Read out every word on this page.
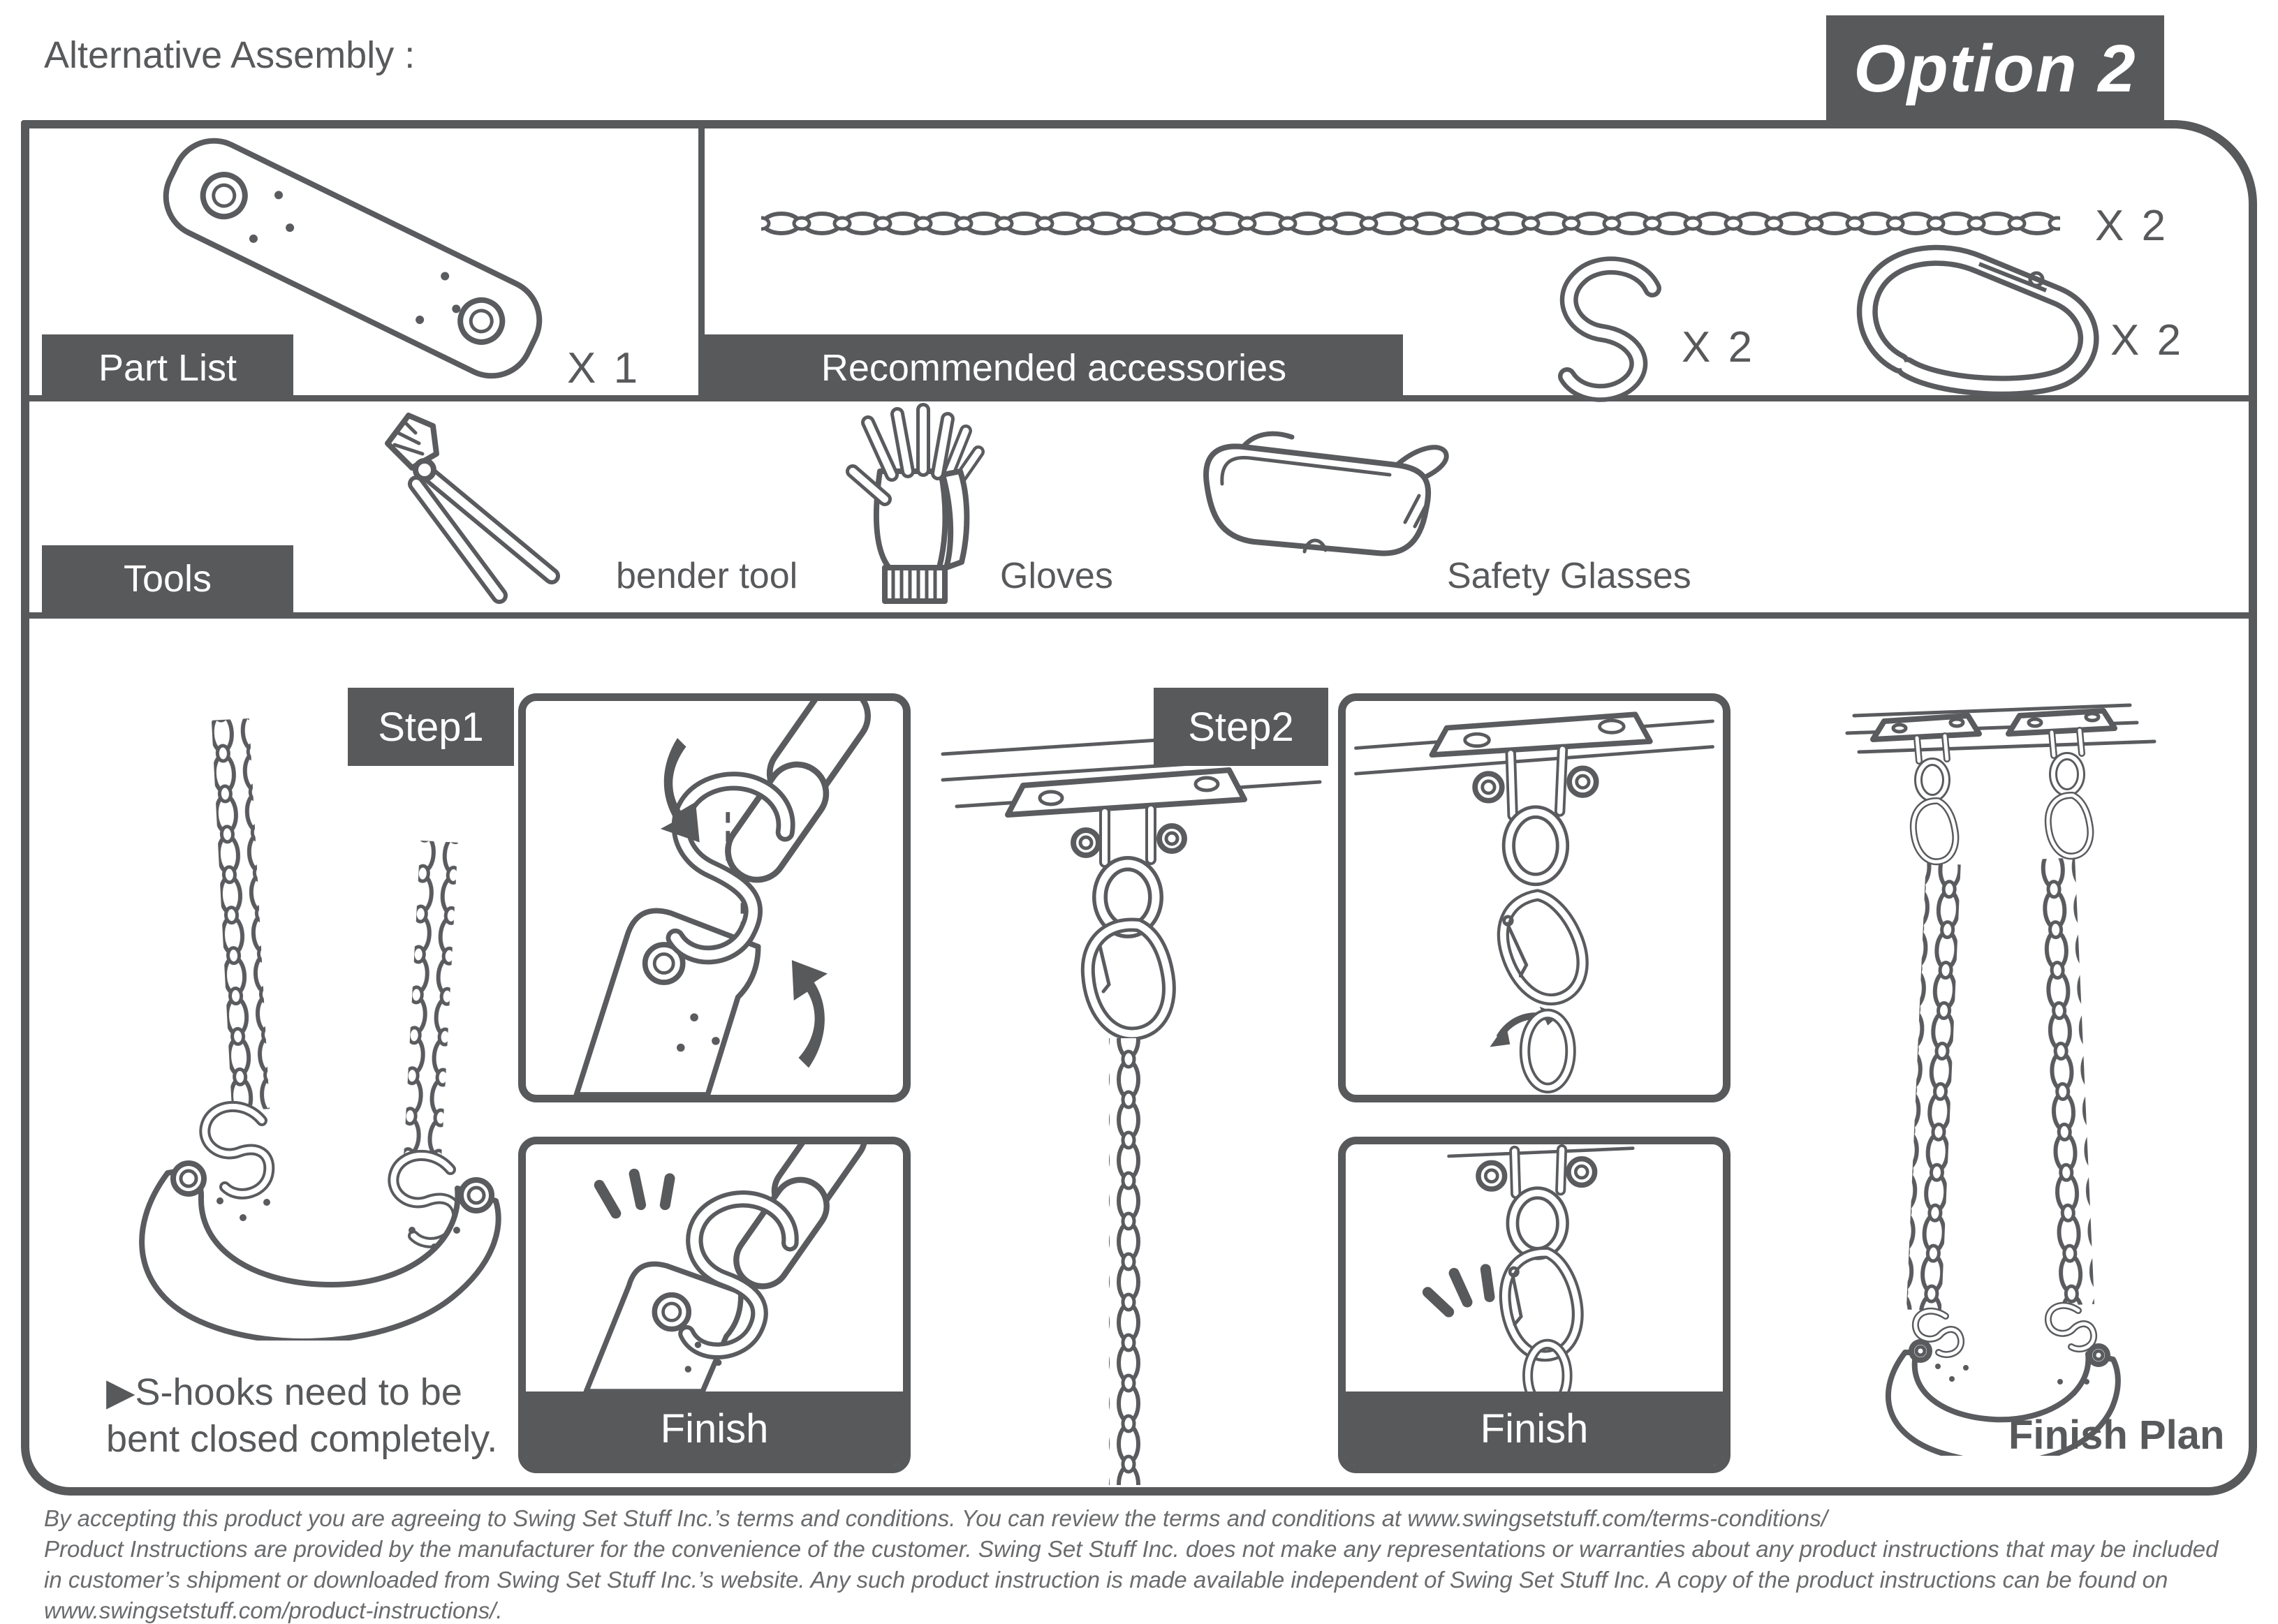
Alternative Assembly :	Option 2
Part List	X 1	Recommended accessories
X 2
X 2	X 2
Tools	bender tool	Gloves	Safety Glasses
▶S-hooks need to be
bent closed completely.
Step1
Finish
Step2
Finish	Finish Plan
By accepting this product you are agreeing to Swing Set Stuff Inc.’s terms and conditions. You can review the terms and conditions at www.swingsetstuff.com/terms-conditions/
Product Instructions are provided by the manufacturer for the convenience of the customer. Swing Set Stuff Inc. does not make any representations or warranties about any product instructions that may be included
in customer’s shipment or downloaded from Swing Set Stuff Inc.’s website. Any such product instruction is made available independent of Swing Set Stuff Inc. A copy of the product instructions can be found on
www.swingsetstuff.com/product-instructions/.
